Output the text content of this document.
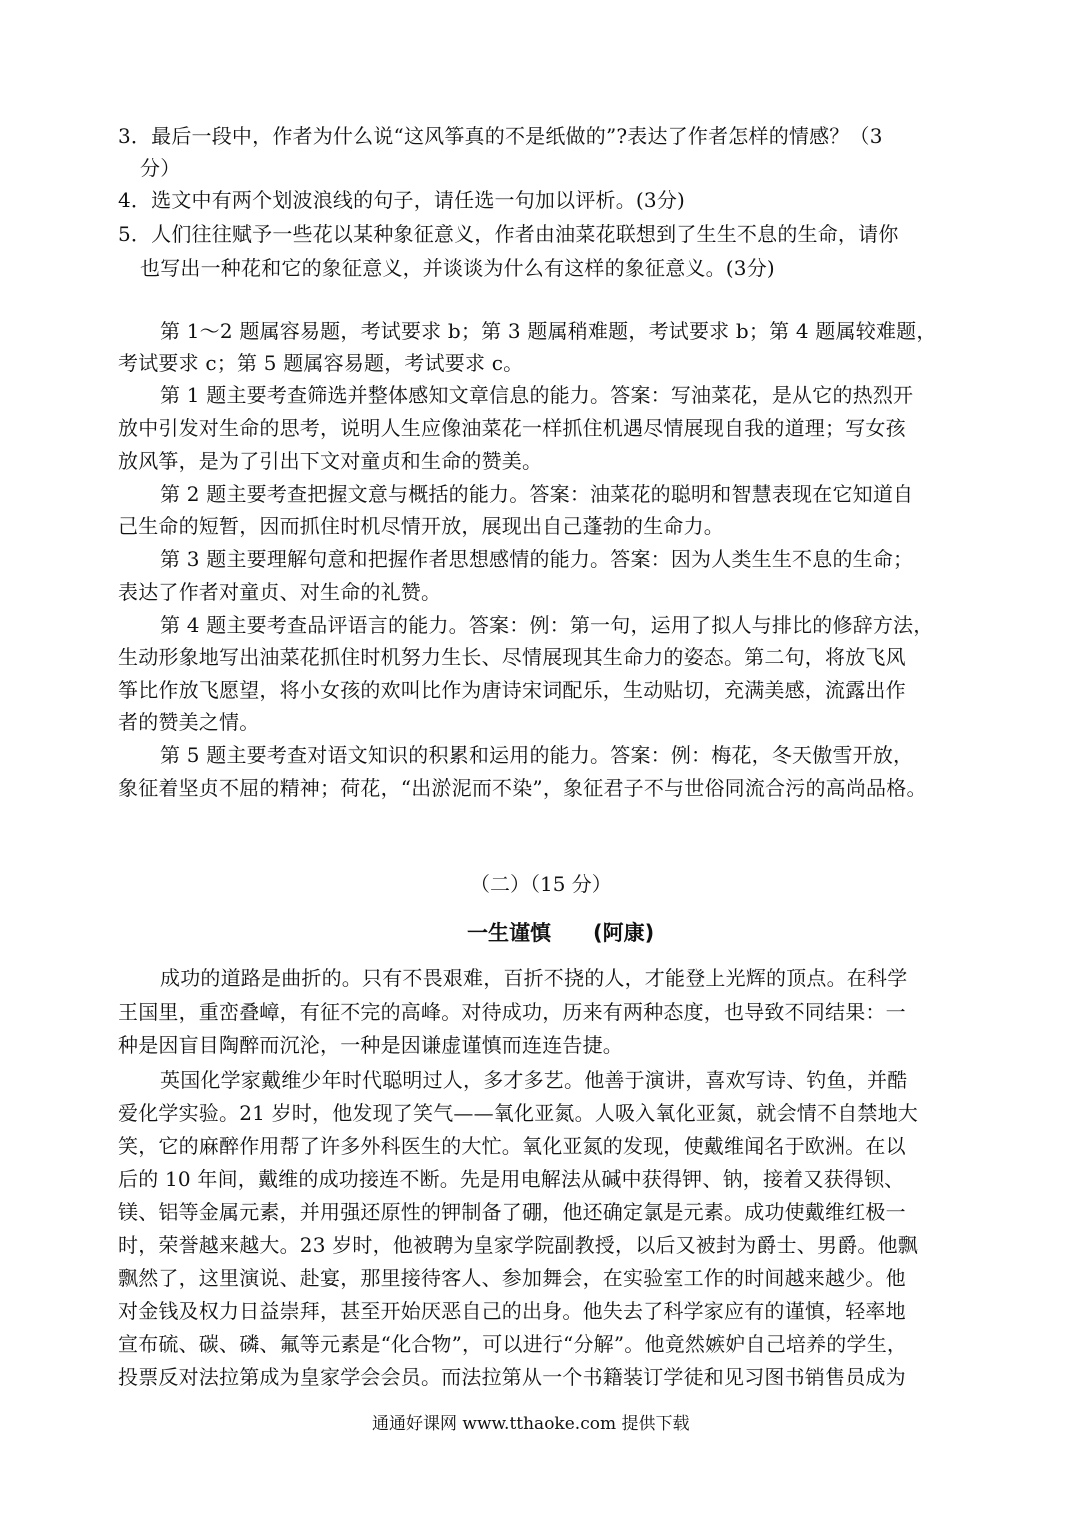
3．最后一段中，作者为什么说“这风筝真的不是纸做的”?表达了作者怎样的情感？（3
分）
4．选文中有两个划波浪线的句子，请任选一句加以评析。(3分)
5．人们往往赋予一些花以某种象征意义，作者由油菜花联想到了生生不息的生命，请你
也写出一种花和它的象征意义，并谈谈为什么有这样的象征意义。(3分)
第 1～2 题属容易题，考试要求 b；第 3 题属稍难题，考试要求 b；第 4 题属较难题，
考试要求 c；第 5 题属容易题，考试要求 c。
第 1 题主要考查筛选并整体感知文章信息的能力。答案：写油菜花，是从它的热烈开
放中引发对生命的思考，说明人生应像油菜花一样抓住机遇尽情展现自我的道理；写女孩
放风筝，是为了引出下文对童贞和生命的赞美。
第 2 题主要考查把握文意与概括的能力。答案：油菜花的聪明和智慧表现在它知道自
己生命的短暂，因而抓住时机尽情开放，展现出自己蓬勃的生命力。
第 3 题主要理解句意和把握作者思想感情的能力。答案：因为人类生生不息的生命；
表达了作者对童贞、对生命的礼赞。
第 4 题主要考查品评语言的能力。答案：例：第一句，运用了拟人与排比的修辞方法，
生动形象地写出油菜花抓住时机努力生长、尽情展现其生命力的姿态。第二句，将放飞风
筝比作放飞愿望，将小女孩的欢叫比作为唐诗宋词配乐，生动贴切，充满美感，流露出作
者的赞美之情。
第 5 题主要考查对语文知识的积累和运用的能力。答案：例：梅花，冬天傲雪开放，
象征着坚贞不屈的精神；荷花，“出淤泥而不染”，象征君子不与世俗同流合污的高尚品格。
（二）（15 分）
一生谨慎　　(阿康)
成功的道路是曲折的。只有不畏艰难，百折不挠的人，才能登上光辉的顶点。在科学
王国里，重峦叠嶂，有征不完的高峰。对待成功，历来有两种态度，也导致不同结果：一
种是因盲目陶醉而沉沦，一种是因谦虚谨慎而连连告捷。
英国化学家戴维少年时代聪明过人，多才多艺。他善于演讲，喜欢写诗、钓鱼，并酷
爱化学实验。21 岁时，他发现了笑气——氧化亚氮。人吸入氧化亚氮，就会情不自禁地大
笑，它的麻醉作用帮了许多外科医生的大忙。氧化亚氮的发现，使戴维闻名于欧洲。在以
后的 10 年间，戴维的成功接连不断。先是用电解法从碱中获得钾、钠，接着又获得钡、
镁、铝等金属元素，并用强还原性的钾制备了硼，他还确定氯是元素。成功使戴维红极一
时，荣誉越来越大。23 岁时，他被聘为皇家学院副教授，以后又被封为爵士、男爵。他飘
飘然了，这里演说、赴宴，那里接待客人、参加舞会，在实验室工作的时间越来越少。他
对金钱及权力日益崇拜，甚至开始厌恶自己的出身。他失去了科学家应有的谨慎，轻率地
宣布硫、碳、磷、氟等元素是“化合物”，可以进行“分解”。他竟然嫉妒自己培养的学生，
投票反对法拉第成为皇家学会会员。而法拉第从一个书籍装订学徒和见习图书销售员成为
通通好课网 www.tthaoke.com 提供下载
